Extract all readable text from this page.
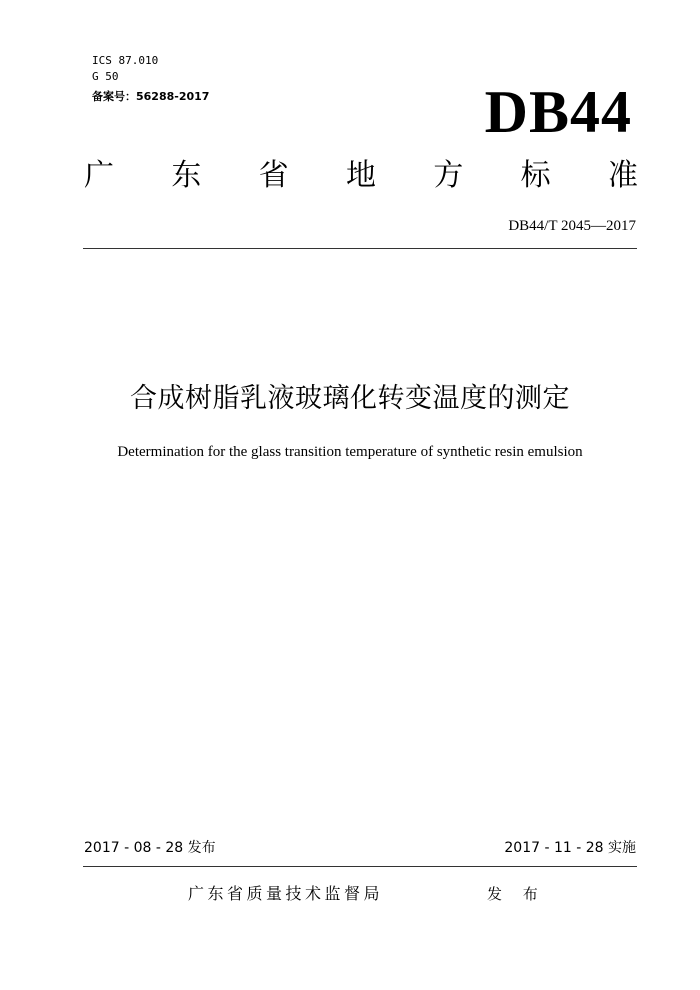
ICS 87.010
G 50
备案号：56288-2017	DB44
广 东 省 地 方 标 准
DB44/T 2045—2017
合成树脂乳液玻璃化转变温度的测定
Determination for the glass transition temperature of synthetic resin emulsion
2017 - 08 - 28 发布	2017 - 11 - 28 实施
广东省质量技术监督局	发 布
